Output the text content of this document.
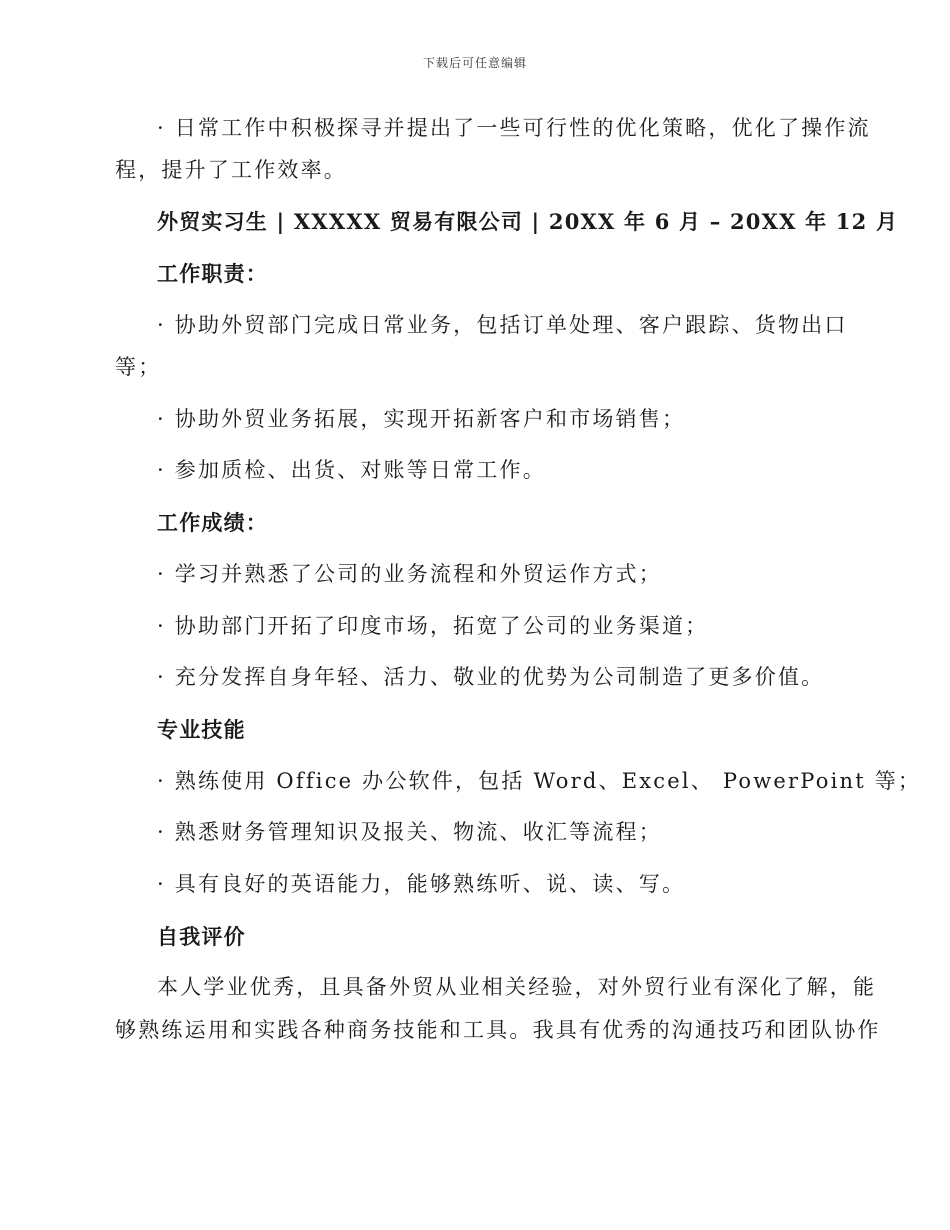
下载后可任意编辑
· 日常工作中积极探寻并提出了一些可行性的优化策略，优化了操作流
程，提升了工作效率。
外贸实习生 | XXXXX 贸易有限公司 | 20XX 年 6 月 – 20XX 年 12 月
工作职责：
· 协助外贸部门完成日常业务，包括订单处理、客户跟踪、货物出口
等；
· 协助外贸业务拓展，实现开拓新客户和市场销售；
· 参加质检、出货、对账等日常工作。
工作成绩：
· 学习并熟悉了公司的业务流程和外贸运作方式；
· 协助部门开拓了印度市场，拓宽了公司的业务渠道；
· 充分发挥自身年轻、活力、敬业的优势为公司制造了更多价值。
专业技能
· 熟练使用 Office 办公软件，包括 Word、Excel、 PowerPoint 等；
· 熟悉财务管理知识及报关、物流、收汇等流程；
· 具有良好的英语能力，能够熟练听、说、读、写。
自我评价
本人学业优秀，且具备外贸从业相关经验，对外贸行业有深化了解，能
够熟练运用和实践各种商务技能和工具。我具有优秀的沟通技巧和团队协作
